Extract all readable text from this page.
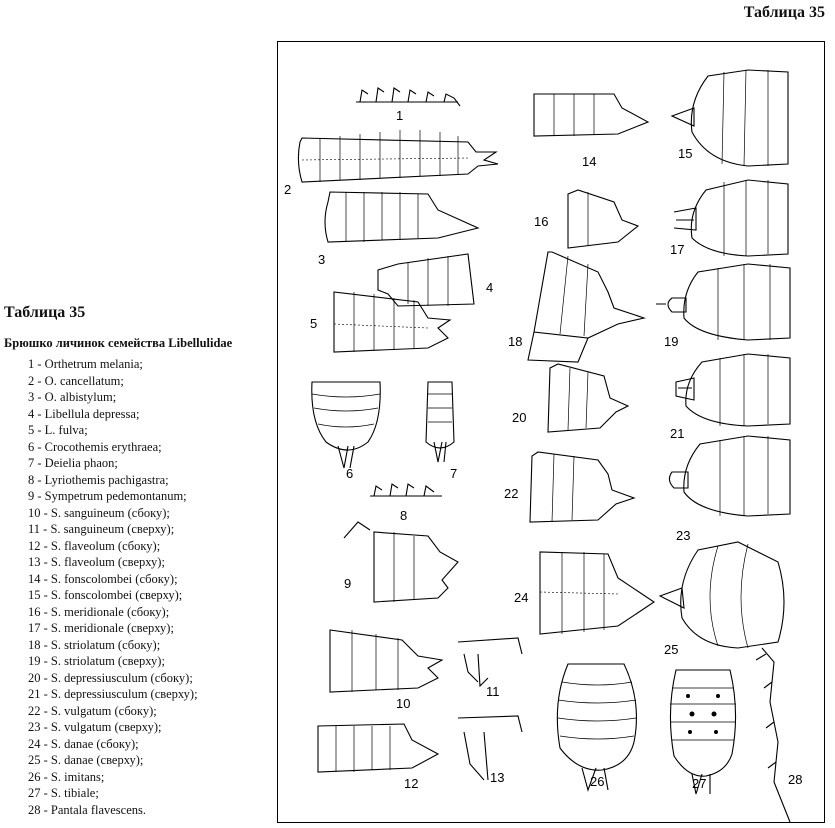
Таблица 35
Таблица 35
Брюшко личинок семейства Libellulidae
1 - Orthetrum melania;
2 - O. cancellatum;
3 - O. albistylum;
4 - Libellula depressa;
5 - L. fulva;
6 - Crocothemis erythraea;
7 - Deielia phaon;
8 - Lyriothemis pachigastra;
9 - Sympetrum pedemontanum;
10 - S. sanguineum (сбоку);
11 - S. sanguineum (сверху);
12 - S. flaveolum (сбоку);
13 - S. flaveolum (сверху);
14 - S. fonscolombei (сбоку);
15 - S. fonscolombei (сверху);
16 - S. meridionale (сбоку);
17 - S. meridionale (сверху);
18 - S. striolatum (сбоку);
19 - S. striolatum (сверху);
20 - S. depressiusculum (сбоку);
21 - S. depressiusculum (сверху);
22 - S. vulgatum (сбоку);
23 - S. vulgatum (сверху);
24 - S. danae (сбоку);
25 - S. danae (сверху);
26 - S. imitans;
27 - S. tibiale;
28 - Pantala flavescens.
1
2
3
4
5
6	7
8
9
10
11
12	13
14
15
16
17
18	19
20
21
22
23
24
25
26	27	28
